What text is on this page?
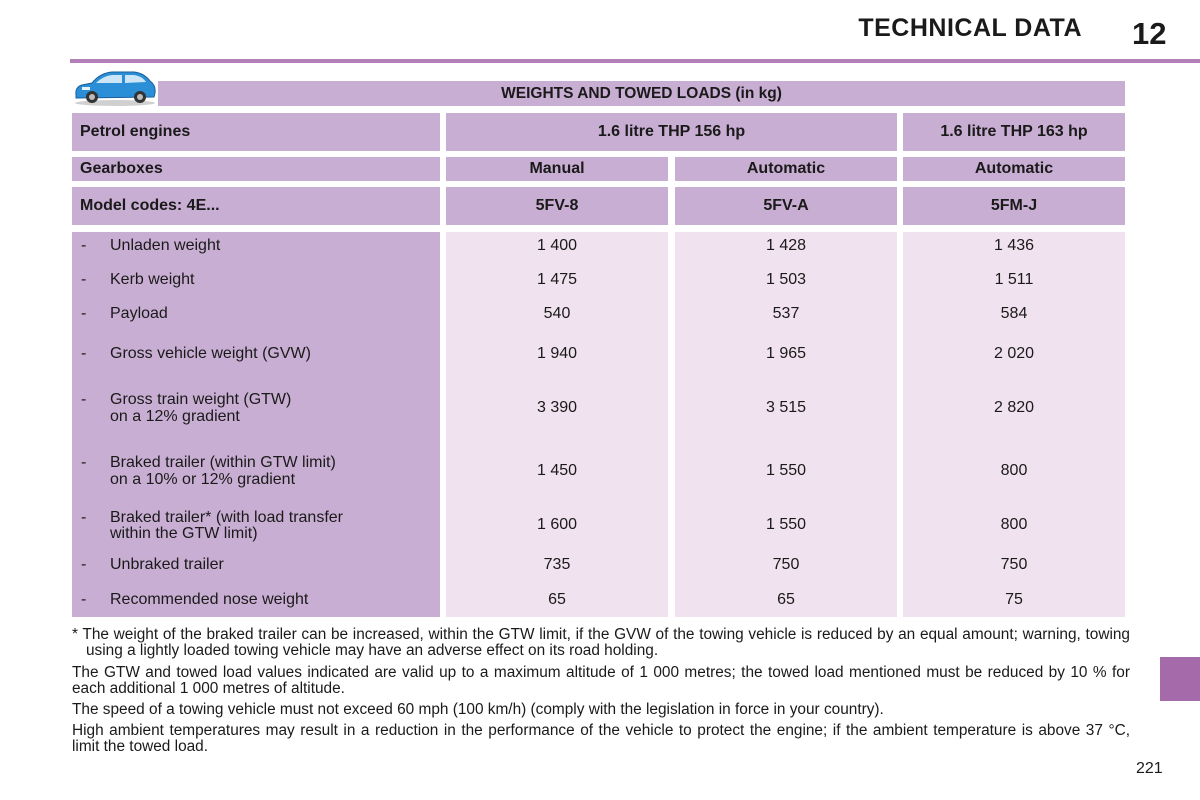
TECHNICAL DATA 12
WEIGHTS AND TOWED LOADS (in kg)
Petrol engines	1.6 litre THP 156 hp	1.6 litre THP 163 hp
Gearboxes	Manual	Automatic	Automatic
Model codes: 4E...	5FV-8	5FV-A	5FM-J
- Unladen weight	1 400	1 428	1 436
- Kerb weight	1 475	1 503	1 511
- Payload	540	537	584
- Gross vehicle weight (GVW)	1 940	1 965	2 020
- Gross train weight (GTW)
on a 12% gradient
3 390	3 515	2 820
- Braked trailer (within GTW limit)
on a 10% or 12% gradient
1 450	1 550	800
- Braked trailer* (with load transfer
within the GTW limit)
1 600	1 550	800
- Unbraked trailer	735	750	750
- Recommended nose weight	65	65	75

* The weight of the braked trailer can be increased, within the GTW limit, if the GVW of the towing vehicle is reduced by an equal amount; warning, towing using a lightly loaded towing vehicle may have an adverse effect on its road holding.

The GTW and towed load values indicated are valid up to a maximum altitude of 1 000 metres; the towed load mentioned must be reduced by 10 % for each additional 1 000 metres of altitude.

The speed of a towing vehicle must not exceed 60 mph (100 km/h) (comply with the legislation in force in your country).

High ambient temperatures may result in a reduction in the performance of the vehicle to protect the engine; if the ambient temperature is above 37 °C, limit the towed load.

221
